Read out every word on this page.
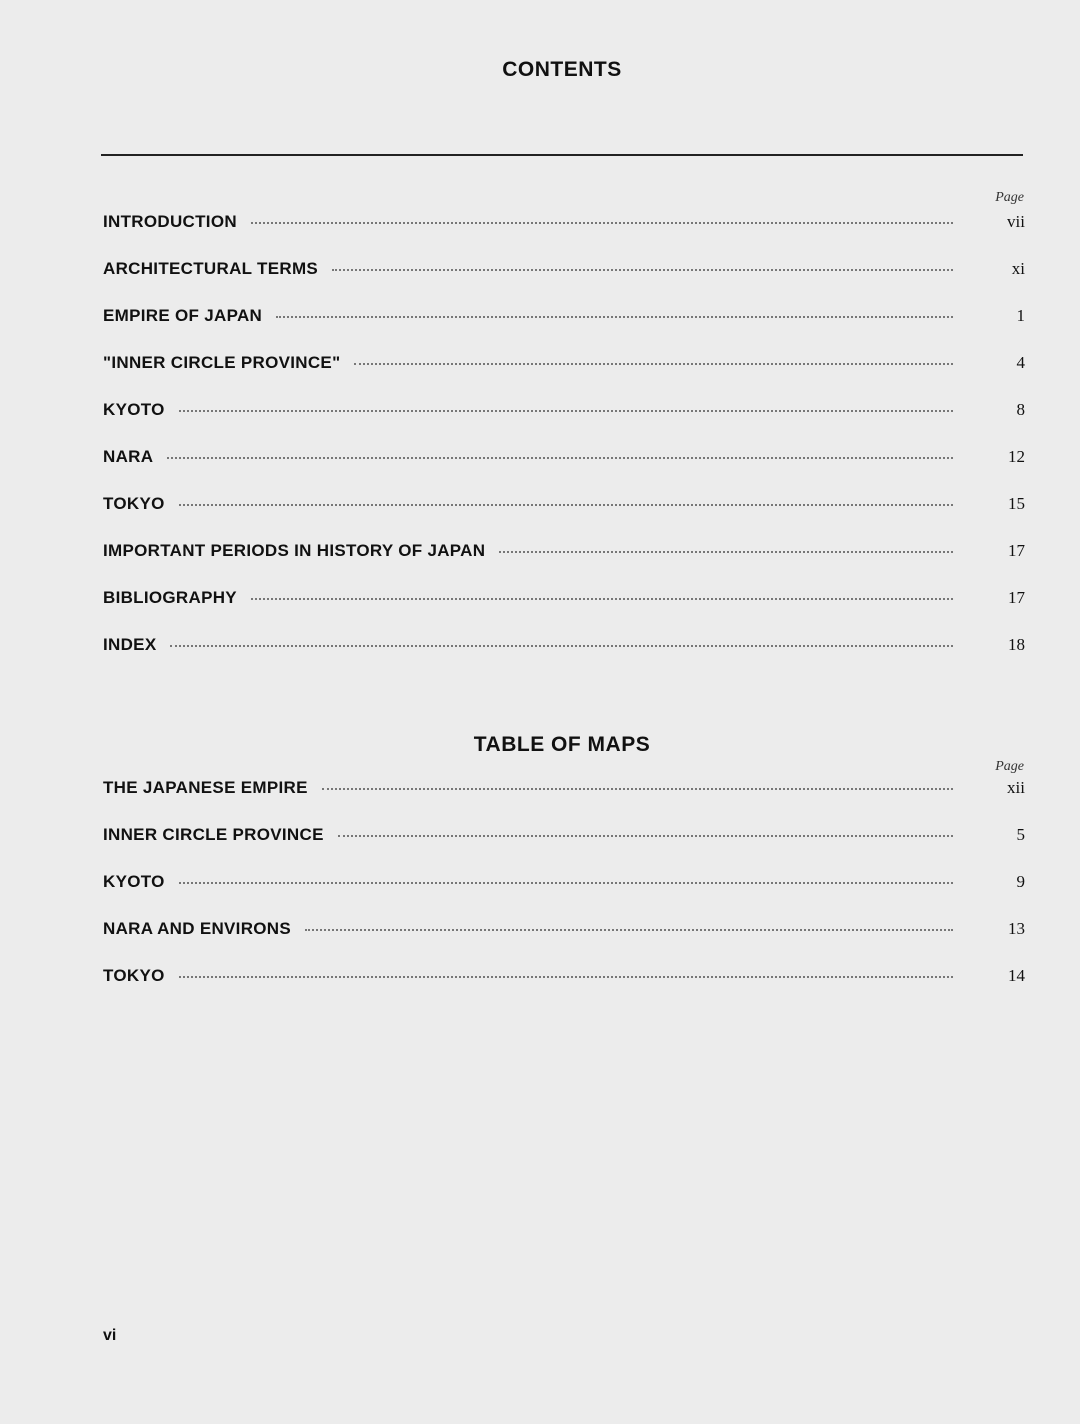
CONTENTS
Page
INTRODUCTION	vii
ARCHITECTURAL TERMS	xi
EMPIRE OF JAPAN	1
"INNER CIRCLE PROVINCE"	4
KYOTO	8
NARA	12
TOKYO	15
IMPORTANT PERIODS IN HISTORY OF JAPAN	17
BIBLIOGRAPHY	17
INDEX	18
TABLE OF MAPS
Page
THE JAPANESE EMPIRE	xii
INNER CIRCLE PROVINCE	5
KYOTO	9
NARA AND ENVIRONS	13
TOKYO	14
vi
